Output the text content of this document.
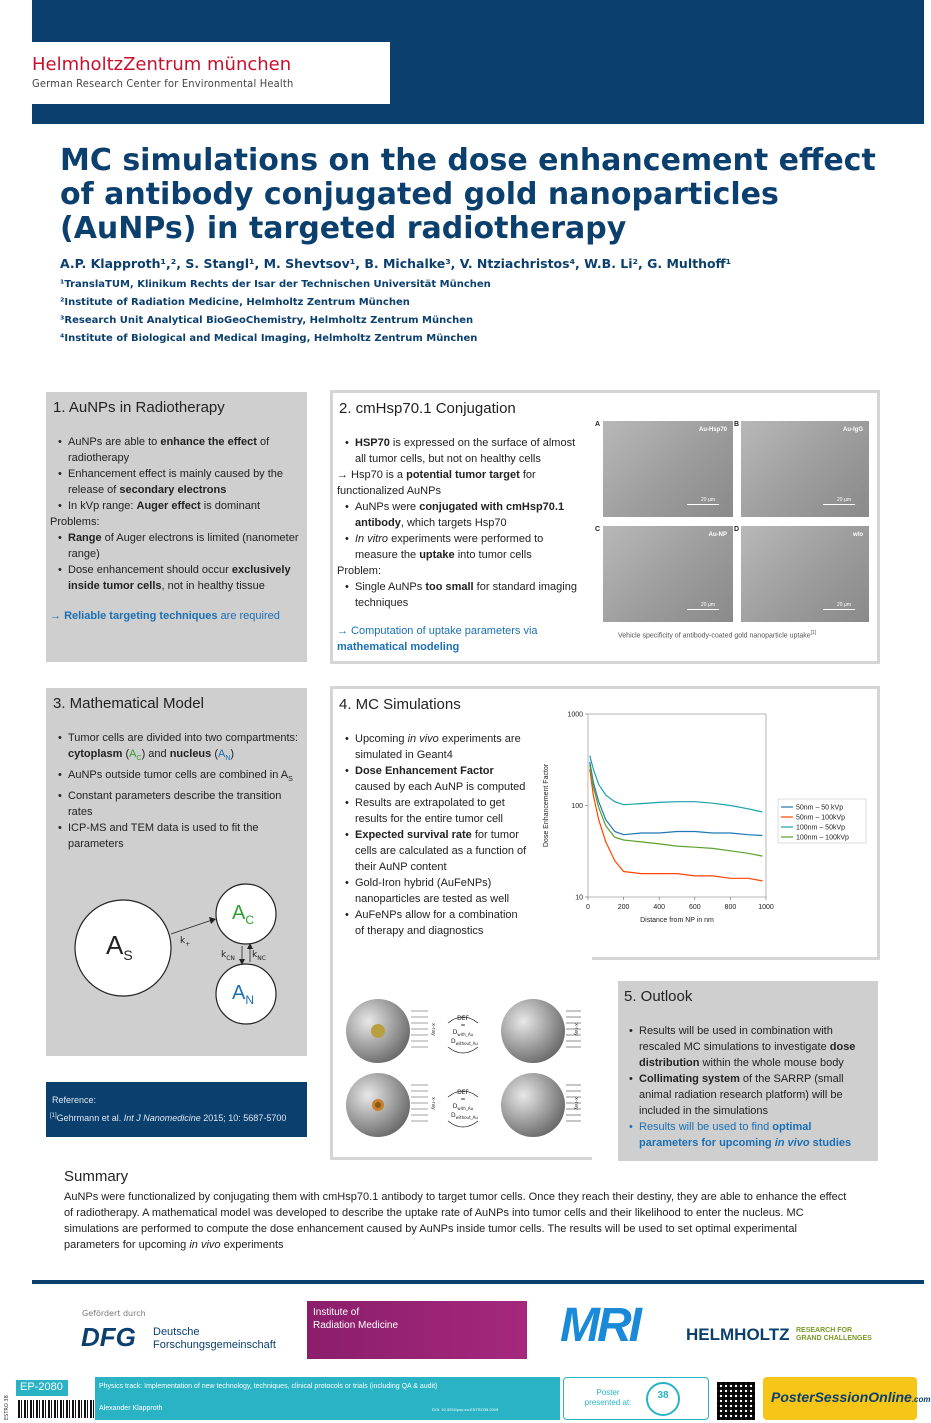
HelmholtzZentrum münchen
German Research Center for Environmental Health
MC simulations on the dose enhancement effect of antibody conjugated gold nanoparticles (AuNPs) in targeted radiotherapy
A.P. Klapproth¹,², S. Stangl¹, M. Shevtsov¹, B. Michalke³, V. Ntziachristos⁴, W.B. Li², G. Multhoff¹
¹TranslaTUM, Klinikum Rechts der Isar der Technischen Universität München
²Institute of Radiation Medicine, Helmholtz Zentrum München
³Research Unit Analytical BioGeoChemistry, Helmholtz Zentrum München
⁴Institute of Biological and Medical Imaging, Helmholtz Zentrum München
1. AuNPs in Radiotherapy
• AuNPs are able to enhance the effect of radiotherapy
• Enhancement effect is mainly caused by the release of secondary electrons
• In kVp range: Auger effect is dominant
Problems:
• Range of Auger electrons is limited (nanometer range)
• Dose enhancement should occur exclusively inside tumor cells, not in healthy tissue
→ Reliable targeting techniques are required
2. cmHsp70.1 Conjugation
• HSP70 is expressed on the surface of almost all tumor cells, but not on healthy cells
→ Hsp70 is a potential tumor target for functionalized AuNPs
• AuNPs were conjugated with cmHsp70.1 antibody, which targets Hsp70
• In vitro experiments were performed to measure the uptake into tumor cells
Problem:
• Single AuNPs too small for standard imaging techniques
→ Computation of uptake parameters via mathematical modeling
A
Au-Hsp70
20 µm
B
Au-IgG
20 µm
C
Au-NP
20 µm
D
w/o
20 µm
Vehicle specificity of antibody-coated gold nanoparticle uptake[1]
3. Mathematical Model
• Tumor cells are divided into two compartments:
cytoplasm $(A_C)$ and nucleus $(A_N)$
• AuNPs outside tumor cells are combined in $A_S$
• Constant parameters describe the transition rates
• ICP-MS and TEM data is used to fit the parameters
$A_S$
$A_C$
$A_N$
$k_+$
$k_{CN}$ $k_{NC}$
Reference:
[1]Gehrmann et al. Int J Nanomedicine 2015; 10: 5687-5700
4. MC Simulations
• Upcoming in vivo experiments are simulated in Geant4
• Dose Enhancement Factor caused by each AuNP is computed
• Results are extrapolated to get results for the entire tumor cell
• Expected survival rate for tumor cells are calculated as a function of their AuNP content
• Gold-Iron hybrid (AuFeNPs) nanoparticles are tested as well
• AuFeNPs allow for a combination of therapy and diagnostics
0	200	400	600	800	1000
10
100
1000
Distance from NP in nm
Dose Enhancement Factor	50nm – 50 kVp
50nm – 100kVp
100nm – 50kVp
100nm – 100kVp
x-ray	x-ray
x-ray	x-ray
DEF
=
$D_{with\_Au}$
$D_{without\_Au}$
DEF
=
$D_{with\_Au}$
$D_{without\_Au}$
5. Outlook
• Results will be used in combination with rescaled MC simulations to investigate dose distribution within the whole mouse body
• Collimating system of the SARRP (small animal radiation research platform) will be included in the simulations
• Results will be used to find optimal parameters for upcoming in vivo studies
Summary
AuNPs were functionalized by conjugating them with cmHsp70.1 antibody to target tumor cells. Once they reach their destiny, they are able to enhance the effect of radiotherapy. A mathematical model was developed to describe the uptake rate of AuNPs into tumor cells and their likelihood to enter the nucleus. MC simulations are performed to compute the dose enhancement caused by AuNPs inside tumor cells. The results will be used to set optimal experimental parameters for upcoming in vivo experiments
Gefördert durch
DFG Deutsche
Forschungsgemeinschaft
Institute of
Radiation Medicine	MRI	HELMHOLTZ RESEARCH FOR
GRAND CHALLENGES
ESTRO 38
EP-2080	Physics track: Implementation of new technology, techniques, clinical protocols or trials (including QA & audit)
Alexander Klapproth	DOI: 10.3252/pso.eu.ESTRO38.2019
Poster
presented at:
38	PosterSessionOnline.com
